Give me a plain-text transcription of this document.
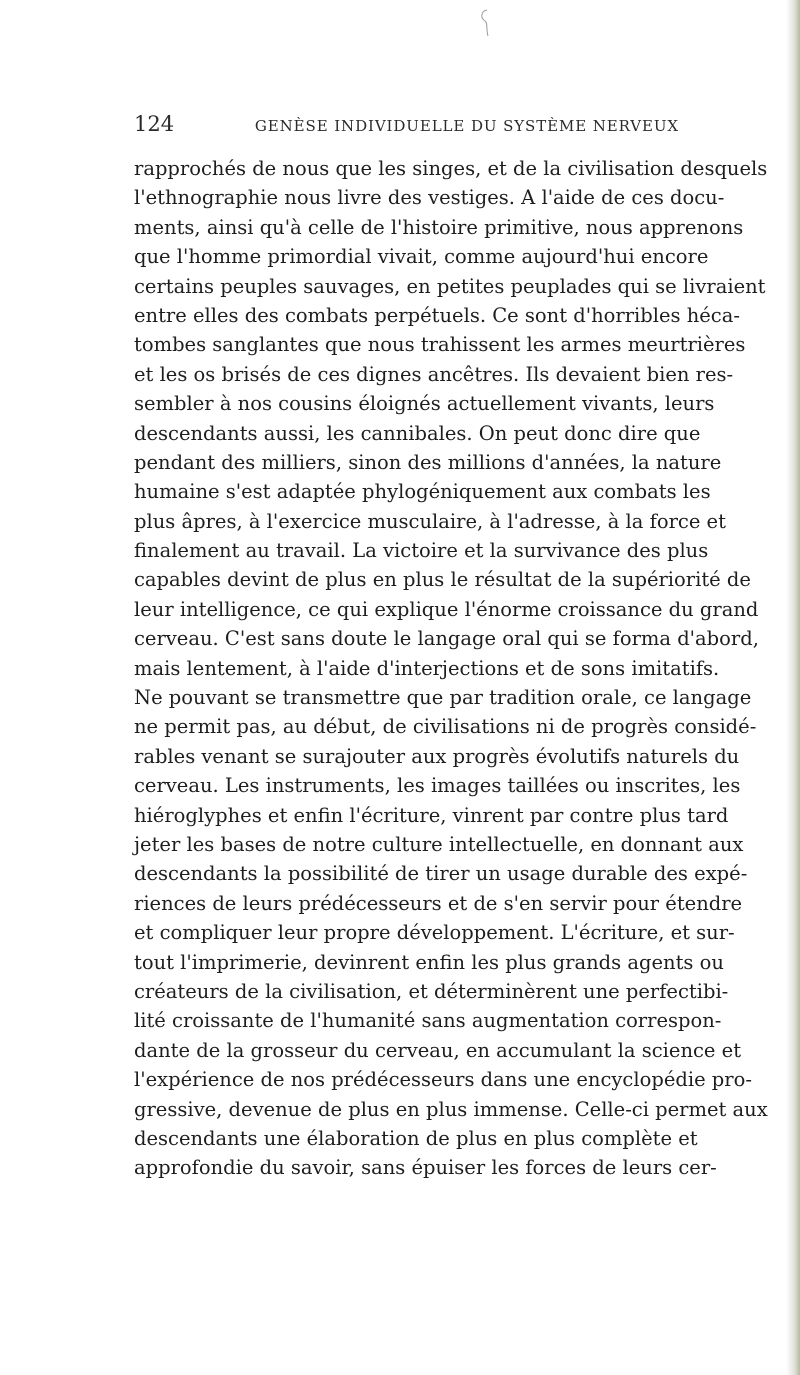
124	GENÈSE INDIVIDUELLE DU SYSTÈME NERVEUX
rapprochés de nous que les singes, et de la civilisation desquels
l'ethnographie nous livre des vestiges. A l'aide de ces docu-
ments, ainsi qu'à celle de l'histoire primitive, nous apprenons
que l'homme primordial vivait, comme aujourd'hui encore
certains peuples sauvages, en petites peuplades qui se livraient
entre elles des combats perpétuels. Ce sont d'horribles héca-
tombes sanglantes que nous trahissent les armes meurtrières
et les os brisés de ces dignes ancêtres. Ils devaient bien res-
sembler à nos cousins éloignés actuellement vivants, leurs
descendants aussi, les cannibales. On peut donc dire que
pendant des milliers, sinon des millions d'années, la nature
humaine s'est adaptée phylogéniquement aux combats les
plus âpres, à l'exercice musculaire, à l'adresse, à la force et
finalement au travail. La victoire et la survivance des plus
capables devint de plus en plus le résultat de la supériorité de
leur intelligence, ce qui explique l'énorme croissance du grand
cerveau. C'est sans doute le langage oral qui se forma d'abord,
mais lentement, à l'aide d'interjections et de sons imitatifs.
Ne pouvant se transmettre que par tradition orale, ce langage
ne permit pas, au début, de civilisations ni de progrès considé-
rables venant se surajouter aux progrès évolutifs naturels du
cerveau. Les instruments, les images taillées ou inscrites, les
hiéroglyphes et enfin l'écriture, vinrent par contre plus tard
jeter les bases de notre culture intellectuelle, en donnant aux
descendants la possibilité de tirer un usage durable des expé-
riences de leurs prédécesseurs et de s'en servir pour étendre
et compliquer leur propre développement. L'écriture, et sur-
tout l'imprimerie, devinrent enfin les plus grands agents ou
créateurs de la civilisation, et déterminèrent une perfectibi-
lité croissante de l'humanité sans augmentation correspon-
dante de la grosseur du cerveau, en accumulant la science et
l'expérience de nos prédécesseurs dans une encyclopédie pro-
gressive, devenue de plus en plus immense. Celle-ci permet aux
descendants une élaboration de plus en plus complète et
approfondie du savoir, sans épuiser les forces de leurs cer-
